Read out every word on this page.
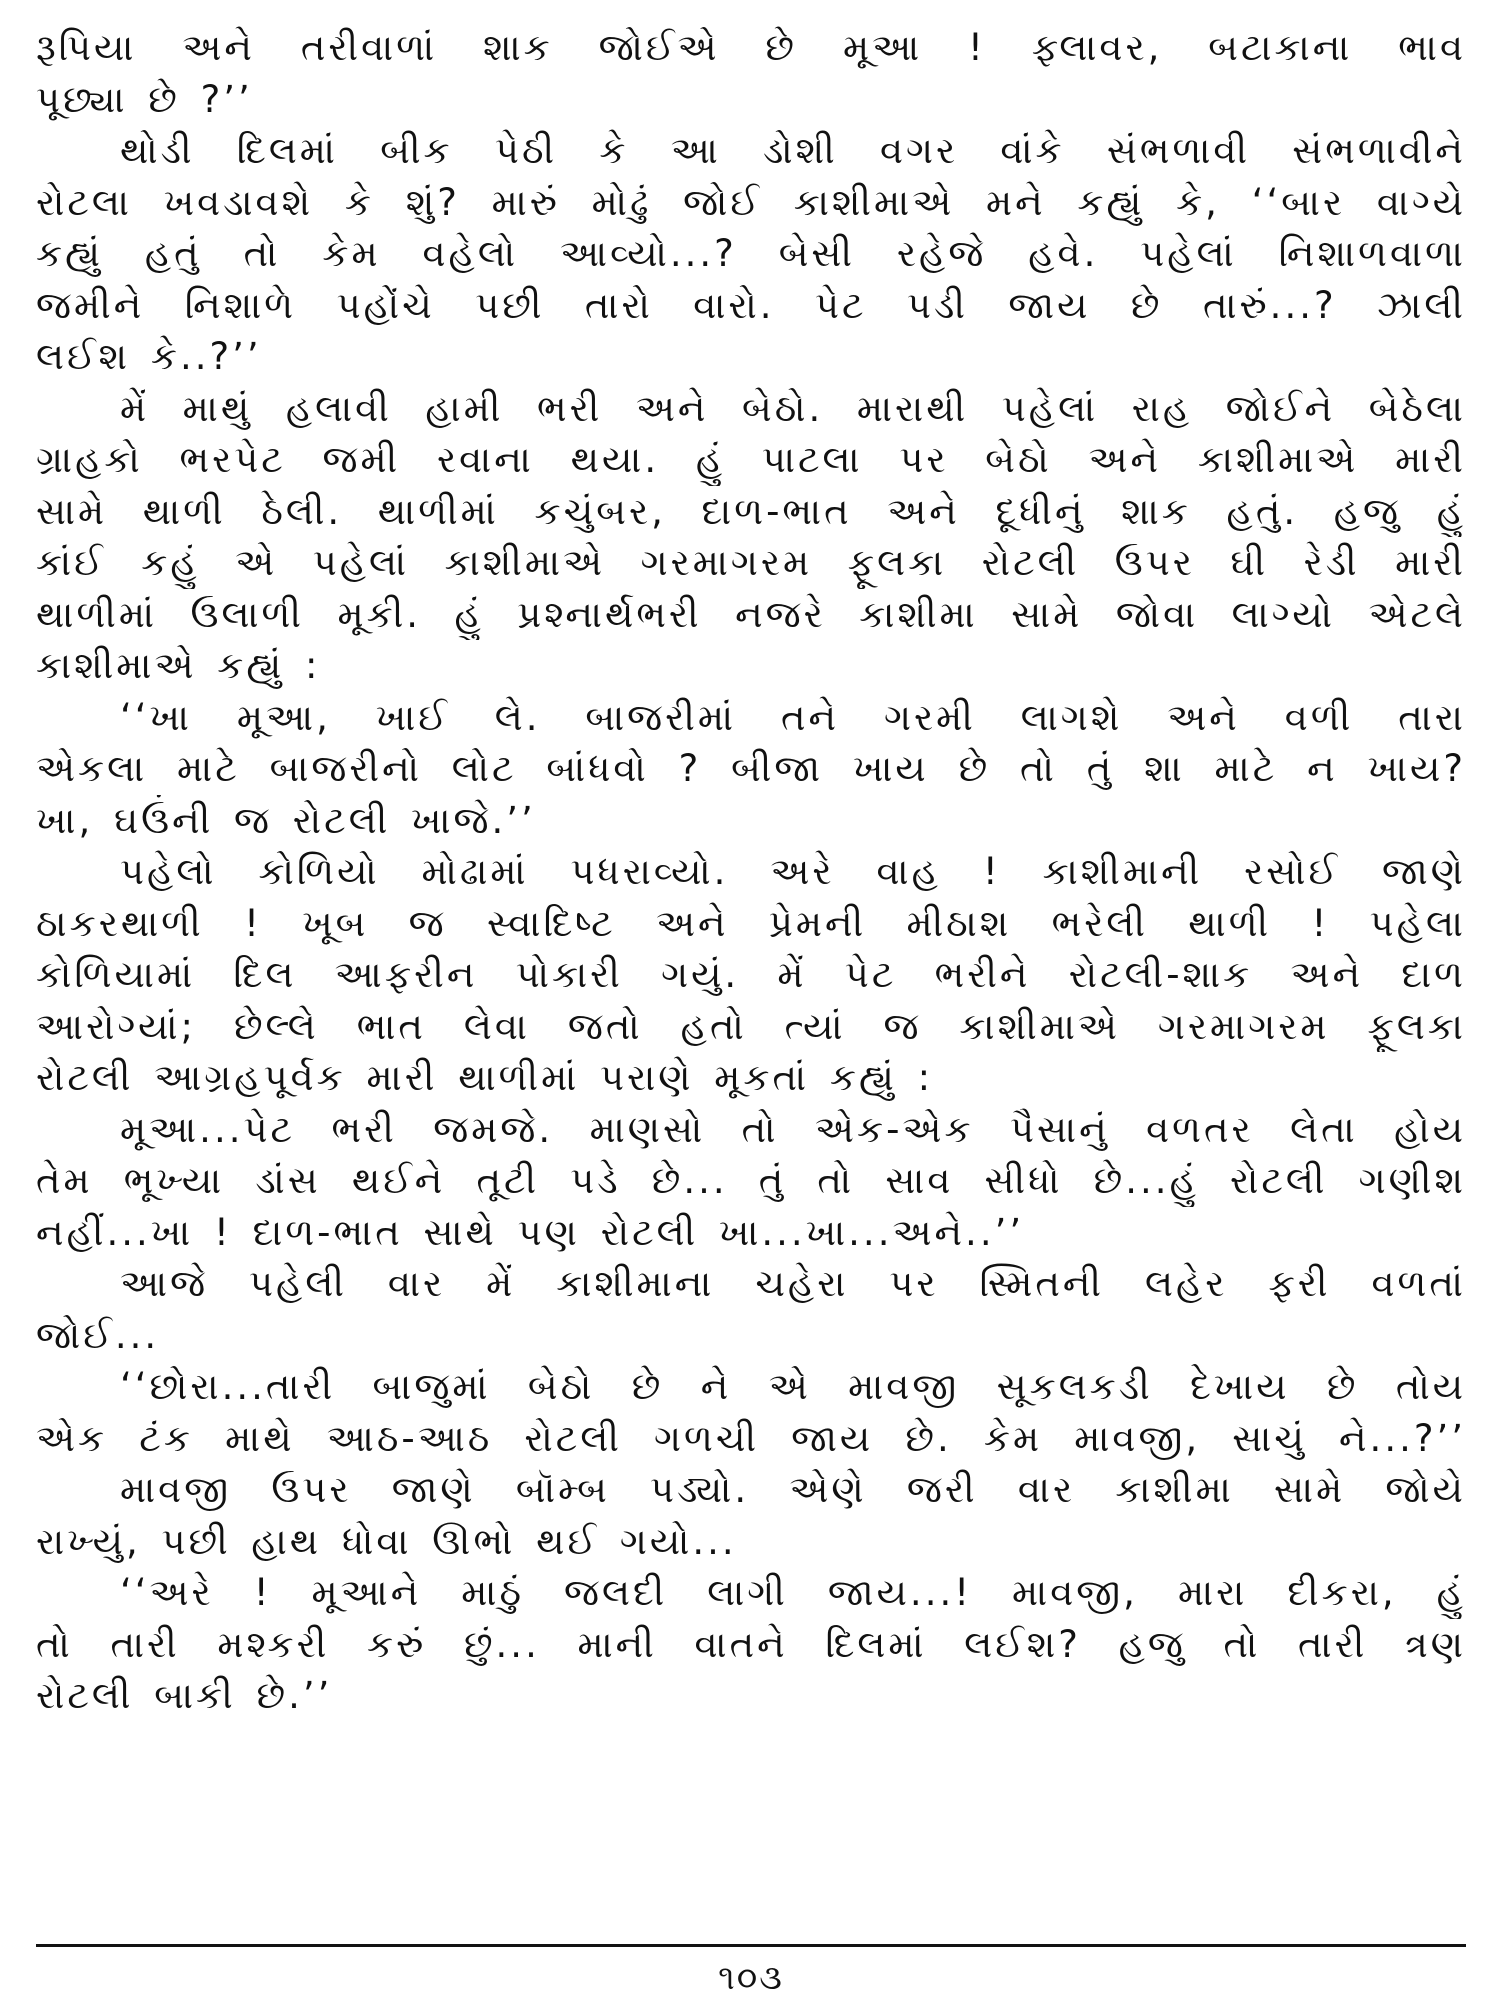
રૂપિયા અને તરીવાળાં શાક જોઈએ છે મૂઆ ! ફ્લાવર, બટાકાના ભાવ
પૂછ્યા છે ?’’
થોડી દિલમાં બીક પેઠી કે આ ડોશી વગર વાંકે સંભળાવી સંભળાવીને
રોટલા ખવડાવશે કે શું? મારું મોઢું જોઈ કાશીમાએ મને કહ્યું કે, ‘‘બાર વાગ્યે
કહ્યું હતું તો કેમ વહેલો આવ્યો...? બેસી રહેજે હવે. પહેલાં નિશાળવાળા
જમીને નિશાળે પહોંચે પછી તારો વારો. પેટ પડી જાય છે તારું...? ઝાલી
લઈશ કે..?’’
મેં માથું હલાવી હામી ભરી અને બેઠો. મારાથી પહેલાં રાહ જોઈને બેઠેલા
ગ્રાહકો ભરપેટ જમી રવાના થયા. હું પાટલા પર બેઠો અને કાશીમાએ મારી
સામે થાળી ઠેલી. થાળીમાં કચુંબર, દાળ-ભાત અને દૂધીનું શાક હતું. હજુ હું
કાંઈ કહું એ પહેલાં કાશીમાએ ગરમાગરમ ફૂલકા રોટલી ઉપર ઘી રેડી મારી
થાળીમાં ઉલાળી મૂકી. હું પ્રશ્નાર્થભરી નજરે કાશીમા સામે જોવા લાગ્યો એટલે
કાશીમાએ કહ્યું :
‘‘ખા મૂઆ, ખાઈ લે. બાજરીમાં તને ગરમી લાગશે અને વળી તારા
એકલા માટે બાજરીનો લોટ બાંધવો ? બીજા ખાય છે તો તું શા માટે ન ખાય?
ખા, ઘઉંની જ રોટલી ખાજે.’’
પહેલો કોળિયો મોઢામાં પધરાવ્યો. અરે વાહ ! કાશીમાની રસોઈ જાણે
ઠાકરથાળી ! ખૂબ જ સ્વાદિષ્ટ અને પ્રેમની મીઠાશ ભરેલી થાળી ! પહેલા
કોળિયામાં દિલ આફરીન પોકારી ગયું. મેં પેટ ભરીને રોટલી-શાક અને દાળ
આરોગ્યાં; છેલ્લે ભાત લેવા જતો હતો ત્યાં જ કાશીમાએ ગરમાગરમ ફૂલકા
રોટલી આગ્રહપૂર્વક મારી થાળીમાં પરાણે મૂકતાં કહ્યું :
મૂઆ...પેટ ભરી જમજે. માણસો તો એક-એક પૈસાનું વળતર લેતા હોય
તેમ ભૂખ્યા ડાંસ થઈને તૂટી પડે છે... તું તો સાવ સીધો છે...હું રોટલી ગણીશ
નહીં...ખા ! દાળ-ભાત સાથે પણ રોટલી ખા...ખા...અને..’’
આજે પહેલી વાર મેં કાશીમાના ચહેરા પર સ્મિતની લહેર ફરી વળતાં
જોઈ...
‘‘છોરા...તારી બાજુમાં બેઠો છે ને એ માવજી સૂકલકડી દેખાય છે તોય
એક ટંક માથે આઠ-આઠ રોટલી ગળચી જાય છે. કેમ માવજી, સાચું ને...?’’
માવજી ઉપર જાણે બૉમ્બ પડ્યો. એણે જરી વાર કાશીમા સામે જોયે
રાખ્યું, પછી હાથ ધોવા ઊભો થઈ ગયો...
‘‘અરે ! મૂઆને માઠું જલદી લાગી જાય...! માવજી, મારા દીકરા, હું
તો તારી મશ્કરી કરું છું... માની વાતને દિલમાં લઈશ? હજુ તો તારી ત્રણ
રોટલી બાકી છે.’’
૧૦૩
